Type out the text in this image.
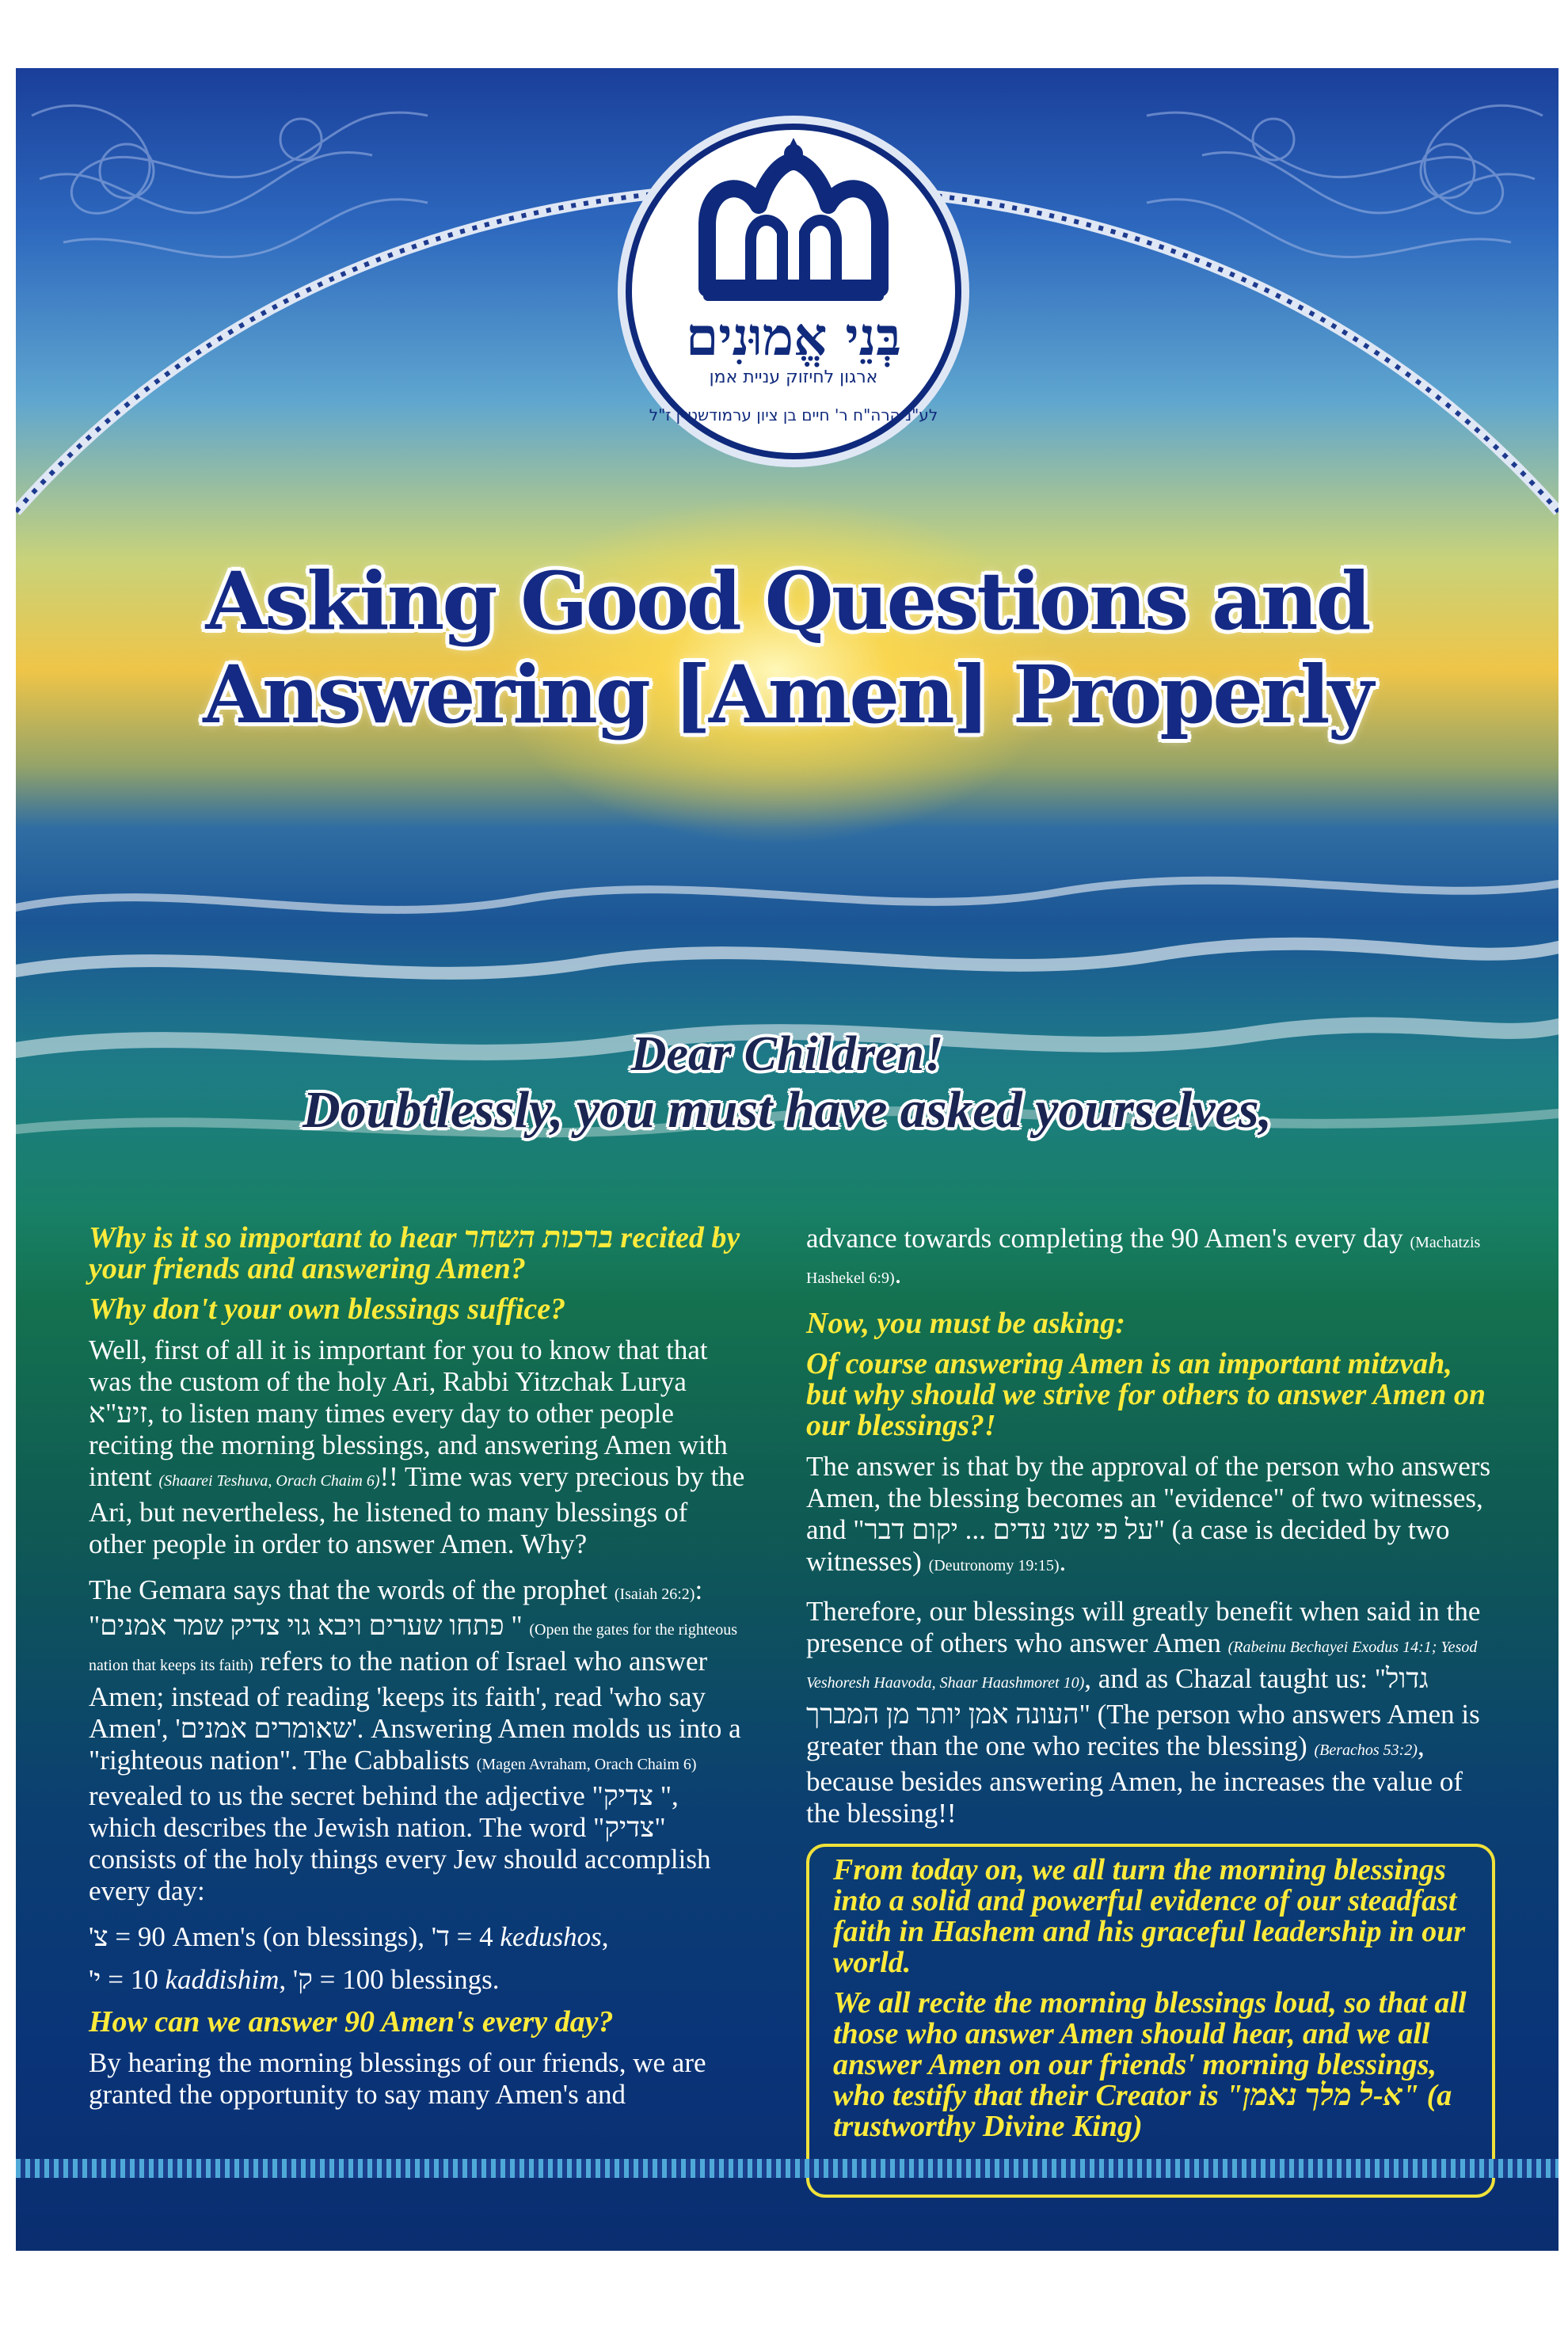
בְּנֵי אֱמוּנִים
ארגון לחיזוק עניית אמן
לע"נ הרה"ח ר' חיים בן ציון ערמודשטיין ז"ל
Asking Good Questions and Answering [Amen] Properly
Dear Children!
Doubtlessly, you must have asked yourselves,
Why is it so important to hear ברכות השחר recited by your friends and answering Amen?
Why don't your own blessings suffice?
Well, first of all it is important for you to know that that was the custom of the holy Ari, Rabbi Yitzchak Lurya זיע"א, to listen many times every day to other people reciting the morning blessings, and answering Amen with intent (Shaarei Teshuva, Orach Chaim 6)!! Time was very precious by the Ari, but nevertheless, he listened to many blessings of other people in order to answer Amen. Why?
The Gemara says that the words of the prophet (Isaiah 26:2): "פתחו שערים ויבא גוי צדיק שמר אמנים " (Open the gates for the righteous nation that keeps its faith) refers to the nation of Israel who answer Amen; instead of reading 'keeps its faith', read 'who say Amen', 'שאומרים אמנים'. Answering Amen molds us into a "righteous nation". The Cabbalists (Magen Avraham, Orach Chaim 6) revealed to us the secret behind the adjective "צדיק ", which describes the Jewish nation. The word "צדיק" consists of the holy things every Jew should accomplish every day:
צ' = 90 Amen's (on blessings), ד' = 4 kedushos,
י' = 10 kaddishim, ק' = 100 blessings.
How can we answer 90 Amen's every day?
By hearing the morning blessings of our friends, we are granted the opportunity to say many Amen's and
advance towards completing the 90 Amen's every day (Machatzis Hashekel 6:9).
Now, you must be asking:
Of course answering Amen is an important mitzvah, but why should we strive for others to answer Amen on our blessings?!
The answer is that by the approval of the person who answers Amen, the blessing becomes an "evidence" of two witnesses, and "על פי שני עדים ... יקום דבר" (a case is decided by two witnesses) (Deutronomy 19:15).
Therefore, our blessings will greatly benefit when said in the presence of others who answer Amen (Rabeinu Bechayei Exodus 14:1; Yesod Veshoresh Haavoda, Shaar Haashmoret 10), and as Chazal taught us: "גדול העונה אמן יותר מן המברך" (The person who answers Amen is greater than the one who recites the blessing) (Berachos 53:2), because besides answering Amen, he increases the value of the blessing!!
From today on, we all turn the morning blessings into a solid and powerful evidence of our steadfast faith in Hashem and his graceful leadership in our world.
We all recite the morning blessings loud, so that all those who answer Amen should hear, and we all answer Amen on our friends' morning blessings, who testify that their Creator is "א-ל מלך נאמן" (a trustworthy Divine King)
